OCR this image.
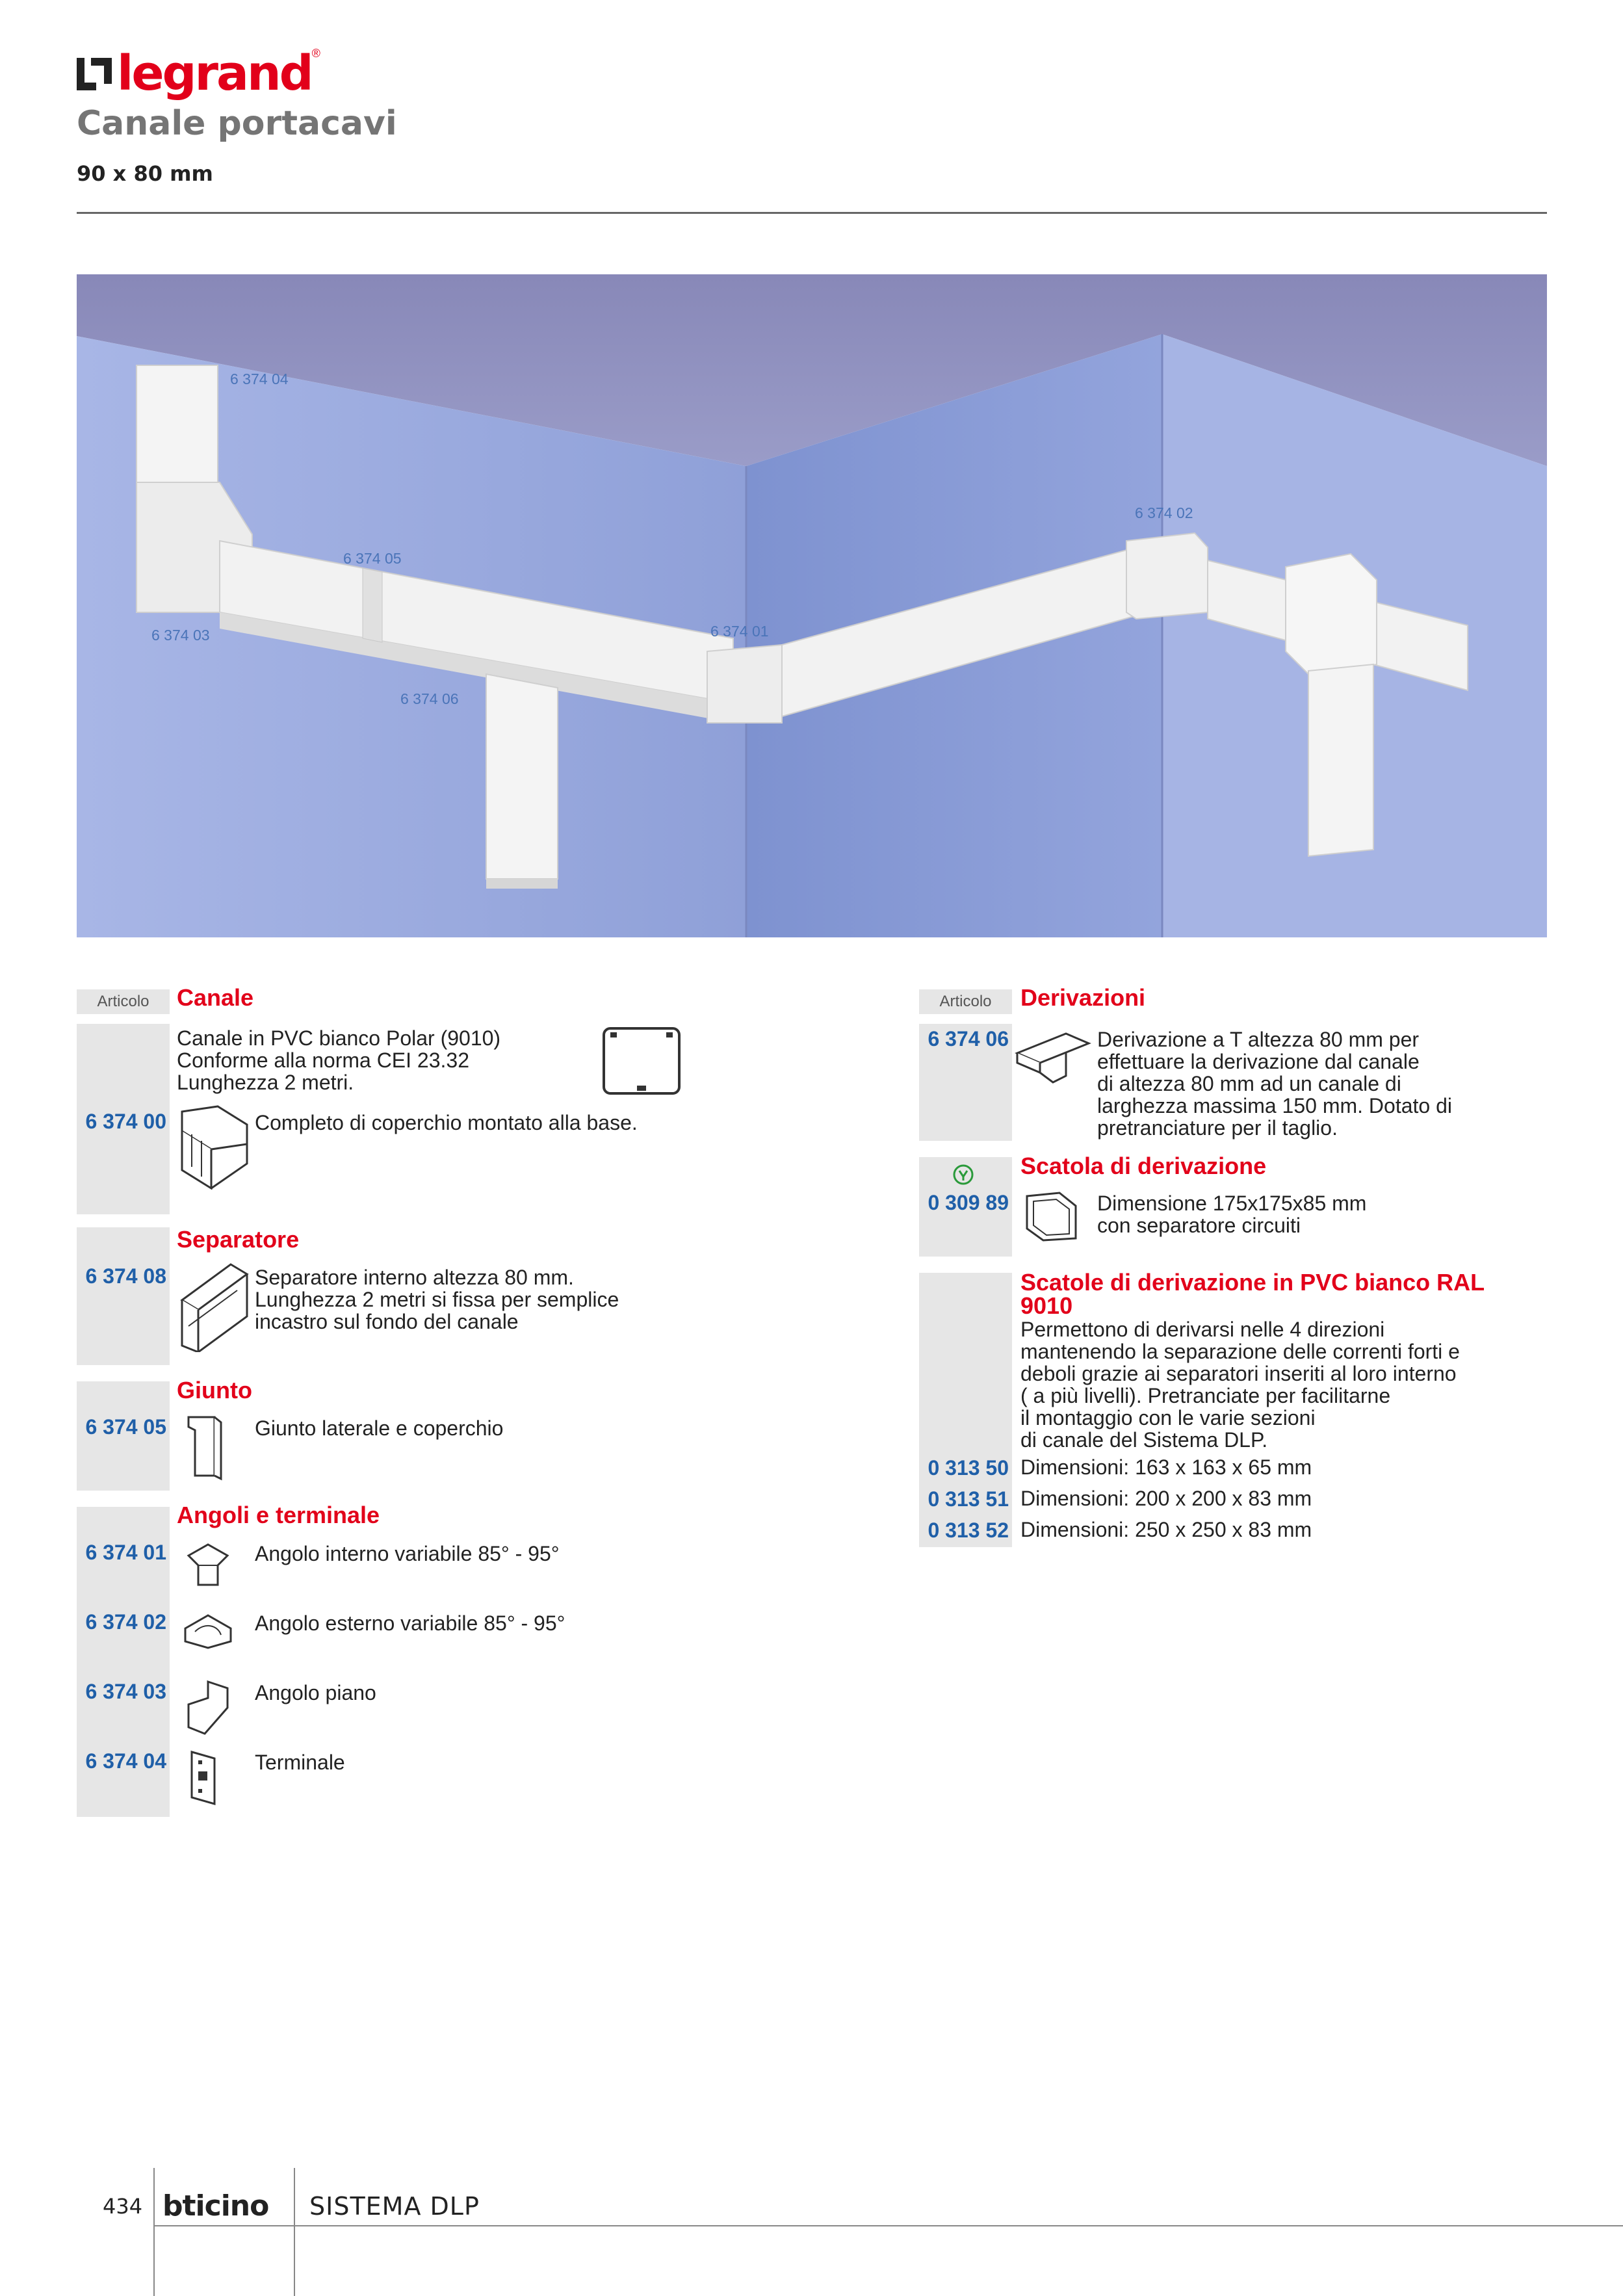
legrand ®
Canale portacavi
90 x 80 mm
6 374 04
6 374 05
6 374 03
6 374 06
6 374 01
6 374 02
Articolo	Canale
Canale in PVC bianco Polar (9010)
Conforme alla norma CEI 23.32
Lunghezza 2 metri.
6 374 00	Completo di coperchio montato alla base.
Separatore
6 374 08	Separatore interno altezza 80 mm.
Lunghezza 2 metri si fissa per semplice
incastro sul fondo del canale
Giunto
6 374 05	Giunto laterale e coperchio
Angoli e terminale
6 374 01	Angolo interno variabile 85° - 95°
6 374 02	Angolo esterno variabile 85° - 95°
6 374 03	Angolo piano
6 374 04	Terminale
Articolo	Derivazioni
6 374 06	Derivazione a T altezza 80 mm per
effettuare la derivazione dal canale
di altezza 80 mm ad un canale di
larghezza massima 150 mm. Dotato di
pretranciature per il taglio.
Scatola di derivazione
0 309 89	Dimensione 175x175x85 mm
con separatore circuiti
Scatole di derivazione in PVC bianco RAL
9010
Permettono di derivarsi nelle 4 direzioni
mantenendo la separazione delle correnti forti e
deboli grazie ai separatori inseriti al loro interno
( a più livelli). Pretranciate per facilitarne
il montaggio con le varie sezioni
di canale del Sistema DLP.
0 313 50 Dimensioni: 163 x 163 x 65 mm
0 313 51 Dimensioni: 200 x 200 x 83 mm
0 313 52 Dimensioni: 250 x 250 x 83 mm
434 bticino SISTEMA DLP
